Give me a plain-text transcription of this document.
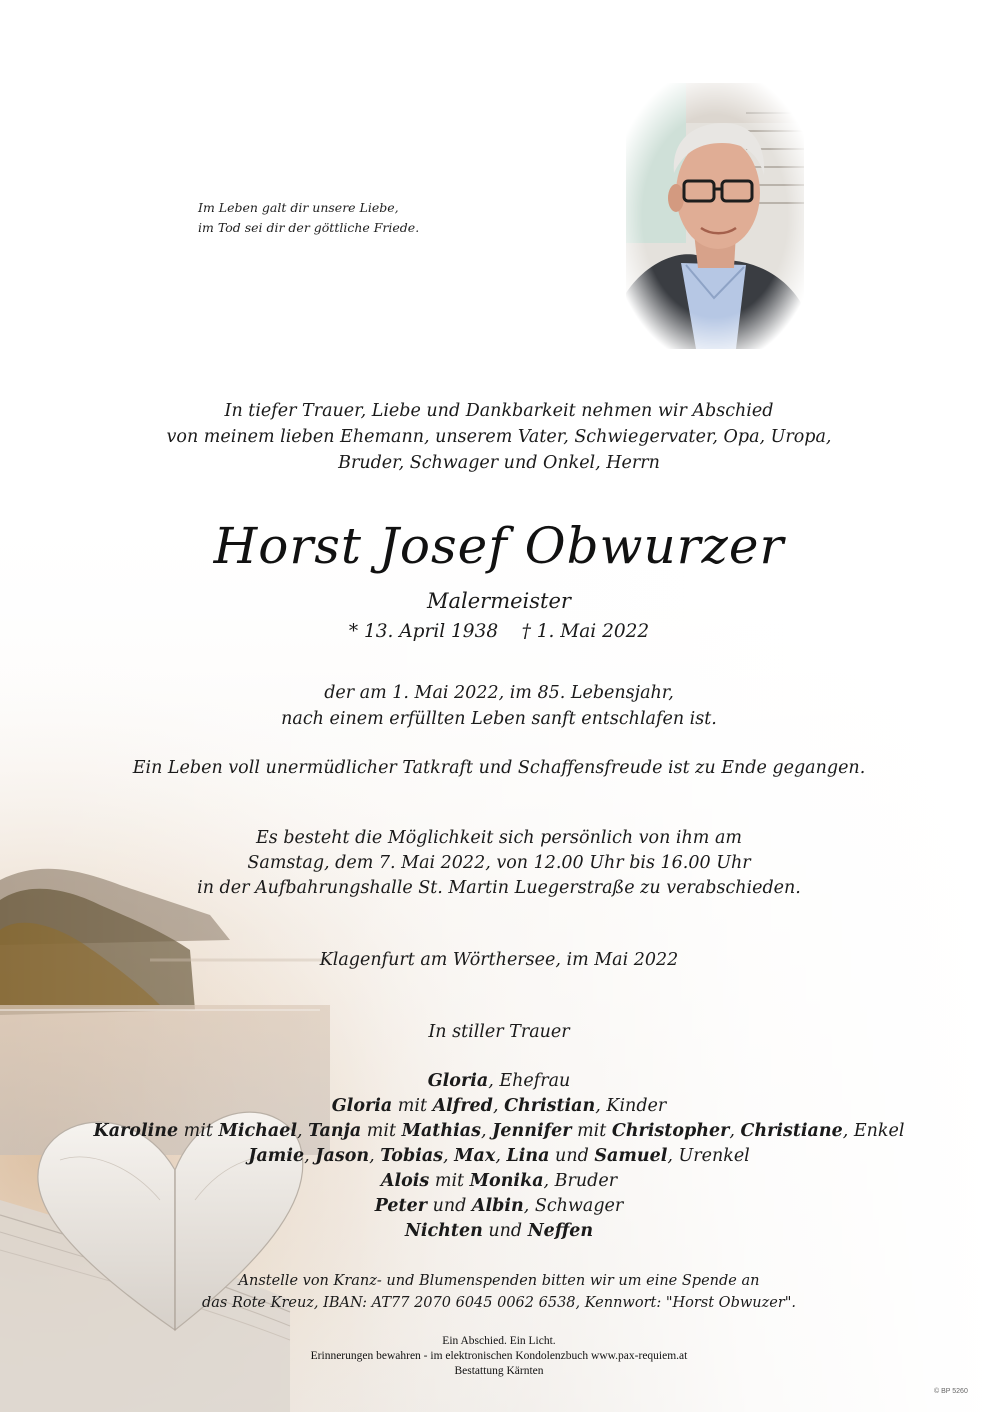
Im Leben galt dir unsere Liebe,
im Tod sei dir der göttliche Friede.
In tiefer Trauer, Liebe und Dankbarkeit nehmen wir Abschied
von meinem lieben Ehemann, unserem Vater, Schwiegervater, Opa, Uropa,
Bruder, Schwager und Onkel, Herrn
Horst Josef Obwurzer
Malermeister
* 13. April 1938    † 1. Mai 2022
der am 1. Mai 2022, im 85. Lebensjahr,
nach einem erfüllten Leben sanft entschlafen ist.
Ein Leben voll unermüdlicher Tatkraft und Schaffensfreude ist zu Ende gegangen.
Es besteht die Möglichkeit sich persönlich von ihm am
Samstag, dem 7. Mai 2022, von 12.00 Uhr bis 16.00 Uhr
in der Aufbahrungshalle St. Martin Luegerstraße zu verabschieden.
Klagenfurt am Wörthersee, im Mai 2022
In stiller Trauer
Gloria, Ehefrau
Gloria mit Alfred, Christian, Kinder
Karoline mit Michael, Tanja mit Mathias, Jennifer mit Christopher, Christiane, Enkel
Jamie, Jason, Tobias, Max, Lina und Samuel, Urenkel
Alois mit Monika, Bruder
Peter und Albin, Schwager
Nichten und Neffen
Anstelle von Kranz- und Blumenspenden bitten wir um eine Spende an
das Rote Kreuz, IBAN: AT77 2070 6045 0062 6538, Kennwort: "Horst Obwuzer".
Ein Abschied. Ein Licht.
Erinnerungen bewahren - im elektronischen Kondolenzbuch www.pax-requiem.at
Bestattung Kärnten
© BP 5260
